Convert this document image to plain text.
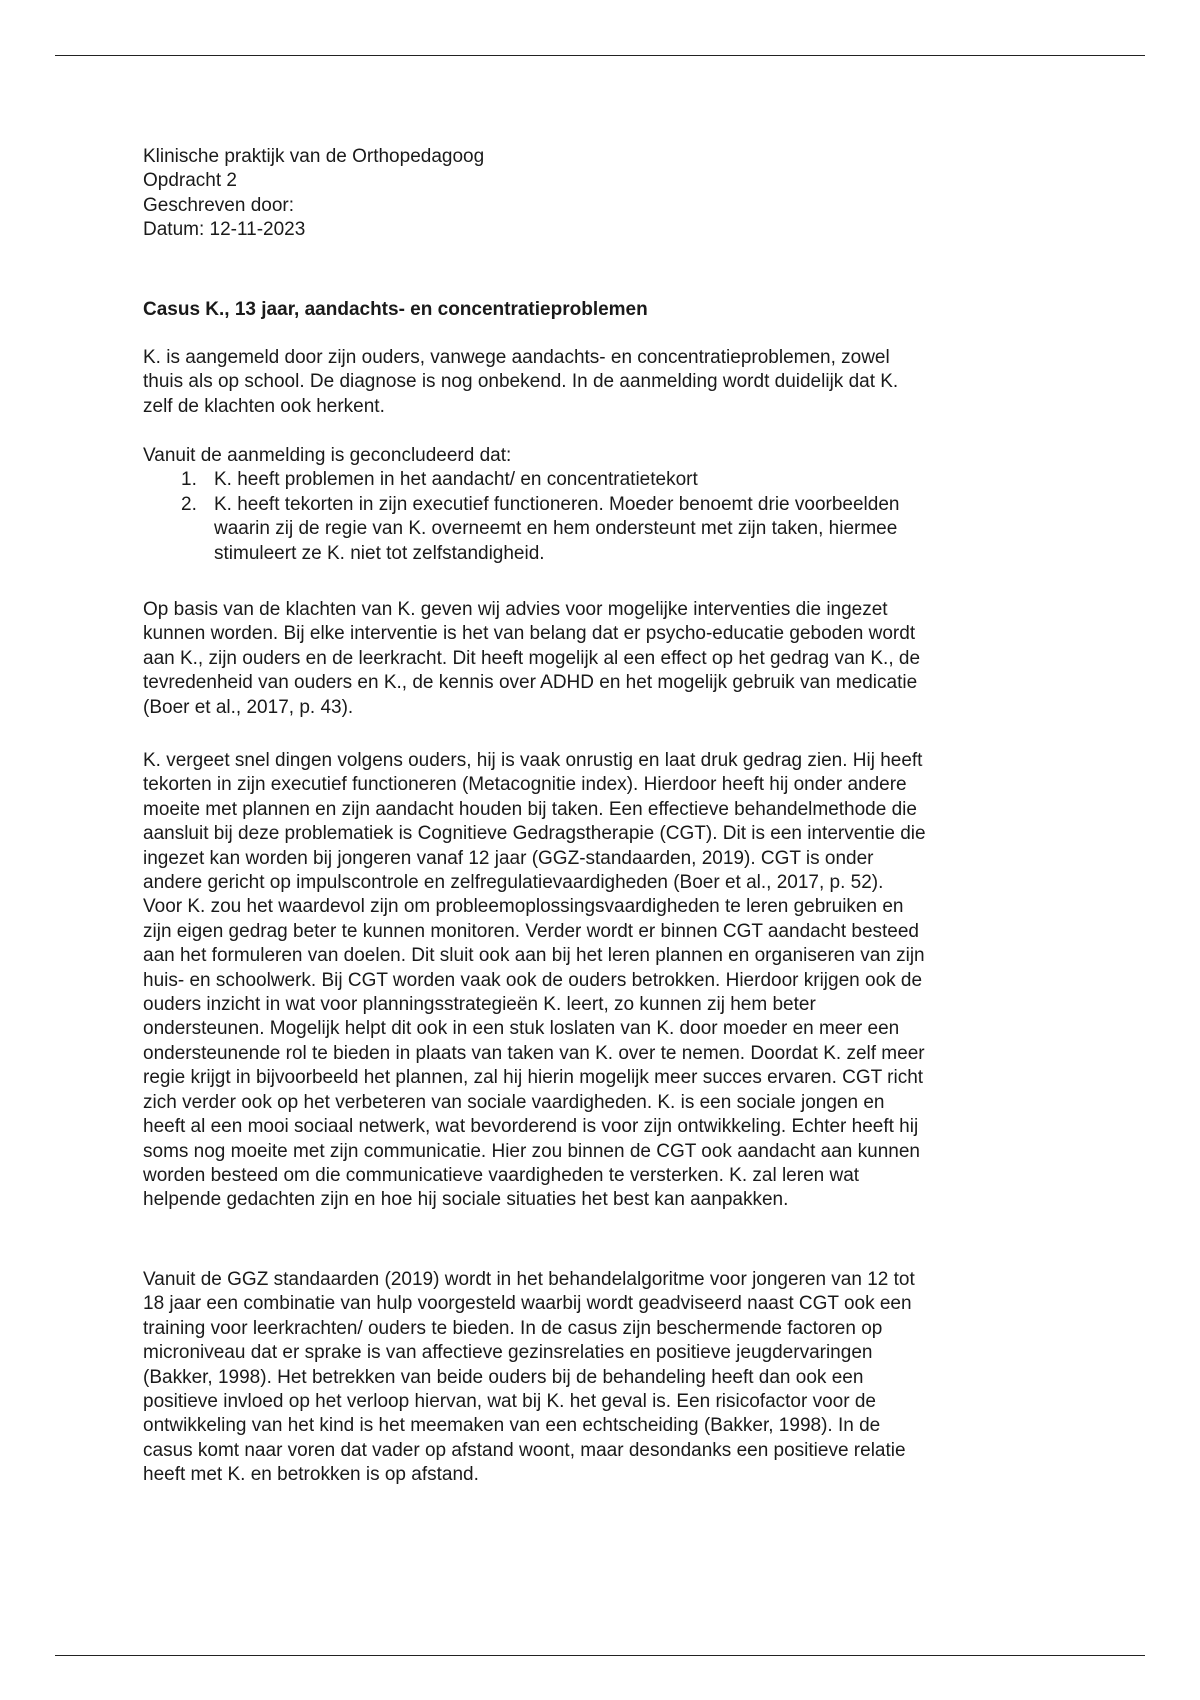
Klinische praktijk van de Orthopedagoog
Opdracht 2
Geschreven door:
Datum: 12-11-2023
Casus K., 13 jaar, aandachts- en concentratieproblemen
K. is aangemeld door zijn ouders, vanwege aandachts- en concentratieproblemen, zowel
thuis als op school. De diagnose is nog onbekend. In de aanmelding wordt duidelijk dat K.
zelf de klachten ook herkent.
Vanuit de aanmelding is geconcludeerd dat:
1. K. heeft problemen in het aandacht/ en concentratietekort
2. K. heeft tekorten in zijn executief functioneren. Moeder benoemt drie voorbeelden
waarin zij de regie van K. overneemt en hem ondersteunt met zijn taken, hiermee
stimuleert ze K. niet tot zelfstandigheid.
Op basis van de klachten van K. geven wij advies voor mogelijke interventies die ingezet
kunnen worden. Bij elke interventie is het van belang dat er psycho-educatie geboden wordt
aan K., zijn ouders en de leerkracht. Dit heeft mogelijk al een effect op het gedrag van K., de
tevredenheid van ouders en K., de kennis over ADHD en het mogelijk gebruik van medicatie
(Boer et al., 2017, p. 43).
K. vergeet snel dingen volgens ouders, hij is vaak onrustig en laat druk gedrag zien. Hij heeft
tekorten in zijn executief functioneren (Metacognitie index). Hierdoor heeft hij onder andere
moeite met plannen en zijn aandacht houden bij taken. Een effectieve behandelmethode die
aansluit bij deze problematiek is Cognitieve Gedragstherapie (CGT). Dit is een interventie die
ingezet kan worden bij jongeren vanaf 12 jaar (GGZ-standaarden, 2019). CGT is onder
andere gericht op impulscontrole en zelfregulatievaardigheden (Boer et al., 2017, p. 52).
Voor K. zou het waardevol zijn om probleemoplossingsvaardigheden te leren gebruiken en
zijn eigen gedrag beter te kunnen monitoren. Verder wordt er binnen CGT aandacht besteed
aan het formuleren van doelen. Dit sluit ook aan bij het leren plannen en organiseren van zijn
huis- en schoolwerk. Bij CGT worden vaak ook de ouders betrokken. Hierdoor krijgen ook de
ouders inzicht in wat voor planningsstrategieën K. leert, zo kunnen zij hem beter
ondersteunen. Mogelijk helpt dit ook in een stuk loslaten van K. door moeder en meer een
ondersteunende rol te bieden in plaats van taken van K. over te nemen. Doordat K. zelf meer
regie krijgt in bijvoorbeeld het plannen, zal hij hierin mogelijk meer succes ervaren. CGT richt
zich verder ook op het verbeteren van sociale vaardigheden. K. is een sociale jongen en
heeft al een mooi sociaal netwerk, wat bevorderend is voor zijn ontwikkeling. Echter heeft hij
soms nog moeite met zijn communicatie. Hier zou binnen de CGT ook aandacht aan kunnen
worden besteed om die communicatieve vaardigheden te versterken. K. zal leren wat
helpende gedachten zijn en hoe hij sociale situaties het best kan aanpakken.
Vanuit de GGZ standaarden (2019) wordt in het behandelalgoritme voor jongeren van 12 tot
18 jaar een combinatie van hulp voorgesteld waarbij wordt geadviseerd naast CGT ook een
training voor leerkrachten/ ouders te bieden. In de casus zijn beschermende factoren op
microniveau dat er sprake is van affectieve gezinsrelaties en positieve jeugdervaringen
(Bakker, 1998). Het betrekken van beide ouders bij de behandeling heeft dan ook een
positieve invloed op het verloop hiervan, wat bij K. het geval is. Een risicofactor voor de
ontwikkeling van het kind is het meemaken van een echtscheiding (Bakker, 1998). In de
casus komt naar voren dat vader op afstand woont, maar desondanks een positieve relatie
heeft met K. en betrokken is op afstand.
